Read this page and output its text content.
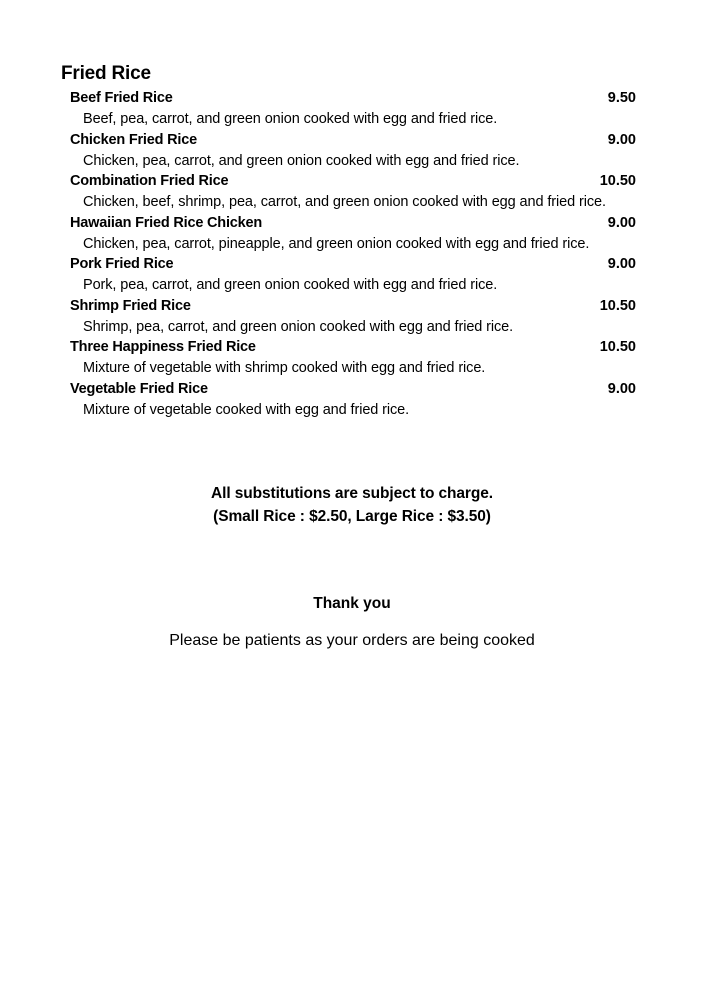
Fried Rice
Beef Fried Rice	9.50
Beef, pea, carrot, and green onion cooked with egg and fried rice.
Chicken Fried Rice	9.00
Chicken, pea, carrot, and green onion cooked with egg and fried rice.
Combination Fried Rice	10.50
Chicken, beef, shrimp, pea, carrot, and green onion cooked with egg and fried rice.
Hawaiian Fried Rice Chicken	9.00
Chicken, pea, carrot, pineapple, and green onion cooked with egg and fried rice.
Pork Fried Rice	9.00
Pork, pea, carrot, and green onion cooked with egg and fried rice.
Shrimp Fried Rice	10.50
Shrimp, pea, carrot, and green onion cooked with egg and fried rice.
Three Happiness Fried Rice	10.50
Mixture of vegetable with shrimp cooked with egg and fried rice.
Vegetable Fried Rice	9.00
Mixture of vegetable cooked with egg and fried rice.
All substitutions are subject to charge.
(Small Rice : $2.50, Large Rice : $3.50)
Thank you
Please be patients as your orders are being cooked
